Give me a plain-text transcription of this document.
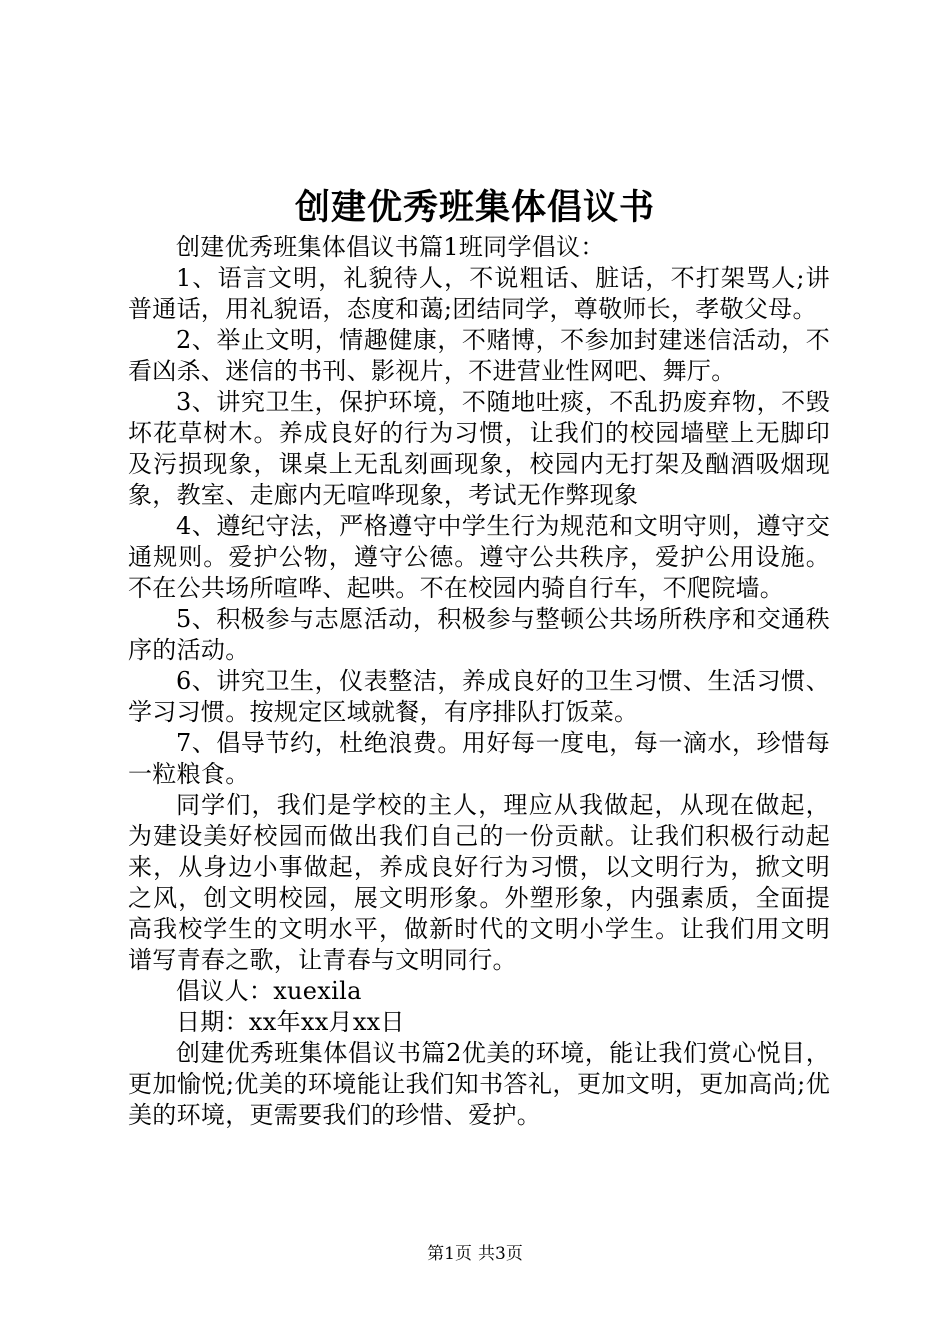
创建优秀班集体倡议书

创建优秀班集体倡议书篇1班同学倡议：

1、语言文明，礼貌待人，不说粗话、脏话，不打架骂人;讲普通话，用礼貌语，态度和蔼;团结同学，尊敬师长，孝敬父母。

2、举止文明，情趣健康，不赌博，不参加封建迷信活动，不看凶杀、迷信的书刊、影视片，不进营业性网吧、舞厅。

3、讲究卫生，保护环境，不随地吐痰，不乱扔废弃物，不毁坏花草树木。养成良好的行为习惯，让我们的校园墙壁上无脚印及污损现象，课桌上无乱刻画现象，校园内无打架及酗酒吸烟现象，教室、走廊内无喧哗现象，考试无作弊现象

4、遵纪守法，严格遵守中学生行为规范和文明守则，遵守交通规则。爱护公物，遵守公德。遵守公共秩序，爱护公用设施。不在公共场所喧哗、起哄。不在校园内骑自行车，不爬院墙。

5、积极参与志愿活动，积极参与整顿公共场所秩序和交通秩序的活动。

6、讲究卫生，仪表整洁，养成良好的卫生习惯、生活习惯、学习习惯。按规定区域就餐，有序排队打饭菜。

7、倡导节约，杜绝浪费。用好每一度电，每一滴水，珍惜每一粒粮食。

同学们，我们是学校的主人，理应从我做起，从现在做起，为建设美好校园而做出我们自己的一份贡献。让我们积极行动起来，从身边小事做起，养成良好行为习惯，以文明行为，掀文明之风，创文明校园，展文明形象。外塑形象，内强素质，全面提高我校学生的文明水平，做新时代的文明小学生。让我们用文明谱写青春之歌，让青春与文明同行。

倡议人：xuexila

日期：xx年xx月xx日

创建优秀班集体倡议书篇2优美的环境，能让我们赏心悦目，更加愉悦;优美的环境能让我们知书答礼，更加文明，更加高尚;优美的环境，更需要我们的珍惜、爱护。

第1页 共3页
